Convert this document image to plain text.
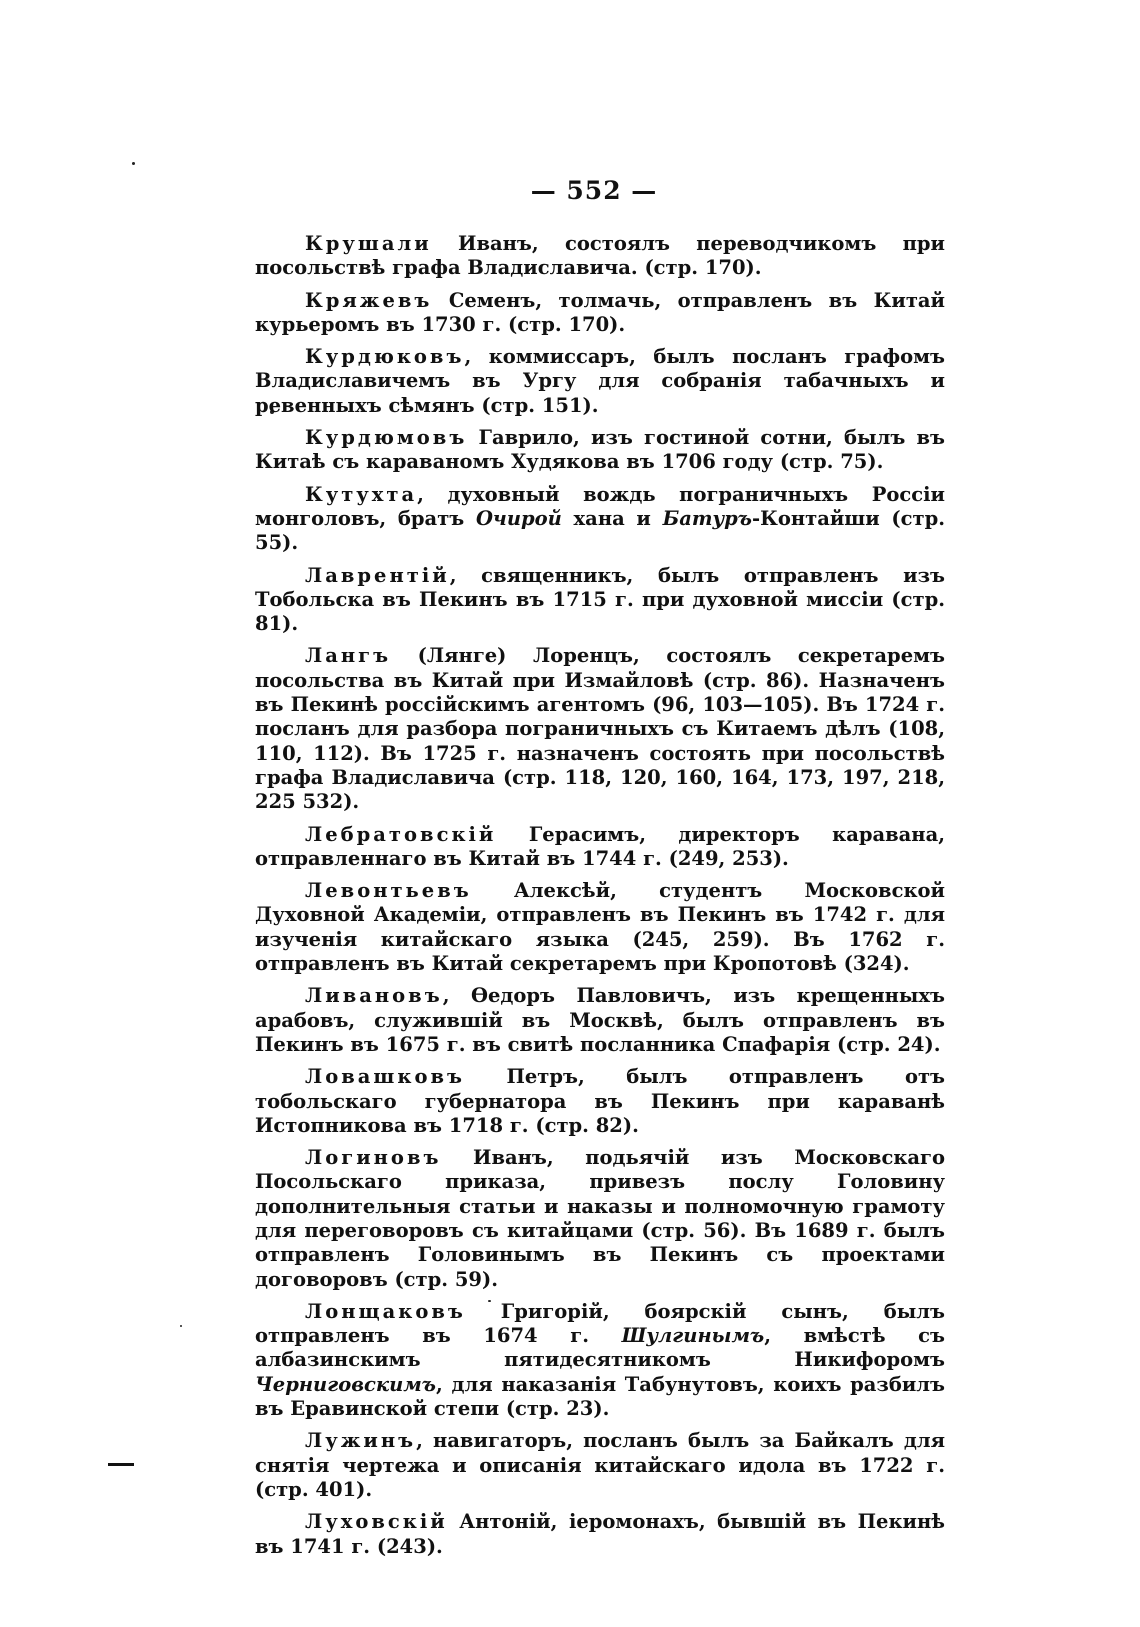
— 552 —

Крушали Иванъ, состоялъ переводчикомъ при посольствѣ графа Владиславича. (стр. 170).

Кряжевъ Семенъ, толмачь, отправленъ въ Китай курьеромъ въ 1730 г. (стр. 170).

Курдюковъ, коммиссаръ, былъ посланъ графомъ Владиславичемъ въ Ургу для собранія табачныхъ и ревенныхъ сѣмянъ (стр. 151).

Курдюмовъ Гаврило, изъ гостиной сотни, былъ въ Китаѣ съ караваномъ Худякова въ 1706 году (стр. 75).

Кутухта, духовный вождь пограничныхъ Россіи монголовъ, братъ Очирой хана и Батуръ-Контайши (стр. 55).

Лаврентій, священникъ, былъ отправленъ изъ Тобольска въ Пекинъ въ 1715 г. при духовной миссіи (стр. 81).

Лангъ (Лянге) Лоренцъ, состоялъ секретаремъ посольства въ Китай при Измайловѣ (стр. 86). Назначенъ въ Пекинѣ россійскимъ агентомъ (96, 103—105). Въ 1724 г. посланъ для разбора пограничныхъ съ Китаемъ дѣлъ (108, 110, 112). Въ 1725 г. назначенъ состоять при посольствѣ графа Владиславича (стр. 118, 120, 160, 164, 173, 197, 218, 225 532).

Лебратовскій Герасимъ, директоръ каравана, отправленнаго въ Китай въ 1744 г. (249, 253).

Левонтьевъ Алексѣй, студентъ Московской Духовной Академіи, отправленъ въ Пекинъ въ 1742 г. для изученія китайскаго языка (245, 259). Въ 1762 г. отправленъ въ Китай секретаремъ при Кропотовѣ (324).

Ливановъ, Ѳедоръ Павловичъ, изъ крещенныхъ арабовъ, служившій въ Москвѣ, былъ отправленъ въ Пекинъ въ 1675 г. въ свитѣ посланника Спафарія (стр. 24).

Ловашковъ Петръ, былъ отправленъ отъ тобольскаго губернатора въ Пекинъ при караванѣ Истопникова въ 1718 г. (стр. 82).

Логиновъ Иванъ, подьячій изъ Московскаго Посольскаго приказа, привезъ послу Головину дополнительныя статьи и наказы и полномочную грамоту для переговоровъ съ китайцами (стр. 56). Въ 1689 г. былъ отправленъ Головинымъ въ Пекинъ съ проектами договоровъ (стр. 59).

Лонщаковъ Григорій, боярскій сынъ, былъ отправленъ въ 1674 г. Шулгинымъ, вмѣстѣ съ албазинскимъ пятидесятникомъ Никифоромъ Черниговскимъ, для наказанія Табунутовъ, коихъ разбилъ въ Еравинской степи (стр. 23).

Лужинъ, навигаторъ, посланъ былъ за Байкалъ для снятія чертежа и описанія китайскаго идола въ 1722 г. (стр. 401).

Луховскій Антоній, іеромонахъ, бывшій въ Пекинѣ въ 1741 г. (243).
